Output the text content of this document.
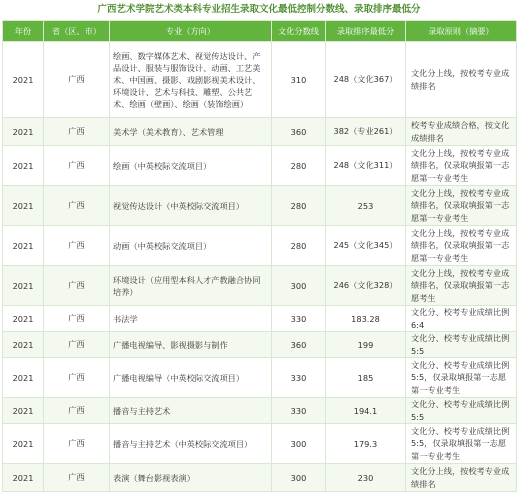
广西艺术学院艺术类本科专业招生录取文化最低控制分数线、录取排序最低分
年份	省（区、市）	专业（方向）	文化分数线	录取排序最低分	录取原则（摘要）
2021	广西	绘画、数字媒体艺术、视觉传达设计、产品设计、服装与服饰设计、动画、工艺美术、中国画、摄影、戏剧影视美术设计、环境设计、艺术与科技、雕塑、公共艺术、绘画（壁画）、绘画（装饰绘画）	310	248（文化367）	文化分上线，按校考专业成绩排名
2021	广西	美术学（美术教育）、艺术管理	360	382（专业261）	校考专业成绩合格，按文化成绩排名
2021	广西	绘画（中英校际交流项目）	280	248（文化311）	文化分上线，按校考专业成绩排名，仅录取填报第一志愿第一专业考生
2021	广西	视觉传达设计（中英校际交流项目）	280	253	文化分上线，按校考专业成绩排名，仅录取填报第一志愿第一专业考生
2021	广西	动画（中英校际交流项目）	280	245（文化345）	文化分上线，按校考专业成绩排名，仅录取填报第一志愿第一专业考生
2021	广西	环境设计（应用型本科人才产教融合协同培养）	300	246（文化328）	文化分上线，按校考专业成绩排名，仅录取填报第一志愿考生
2021	广西	书法学	330	183.28	文化分、校考专业成绩比例6:4
2021	广西	广播电视编导、影视摄影与制作	360	199	文化分、校考专业成绩比例5:5
2021	广西	广播电视编导（中英校际交流项目）	330	185	文化分、校考专业成绩比例5:5，仅录取填报第一志愿第一专业考生
2021	广西	播音与主持艺术	330	194.1	文化分、校考专业成绩比例5:5
2021	广西	播音与主持艺术（中英校际交流项目）	300	179.3	文化分、校考专业成绩比例5:5，仅录取填报第一志愿第一专业考生
2021	广西	表演（舞台影视表演）	300	230	文化分上线，按校考专业成绩排名
